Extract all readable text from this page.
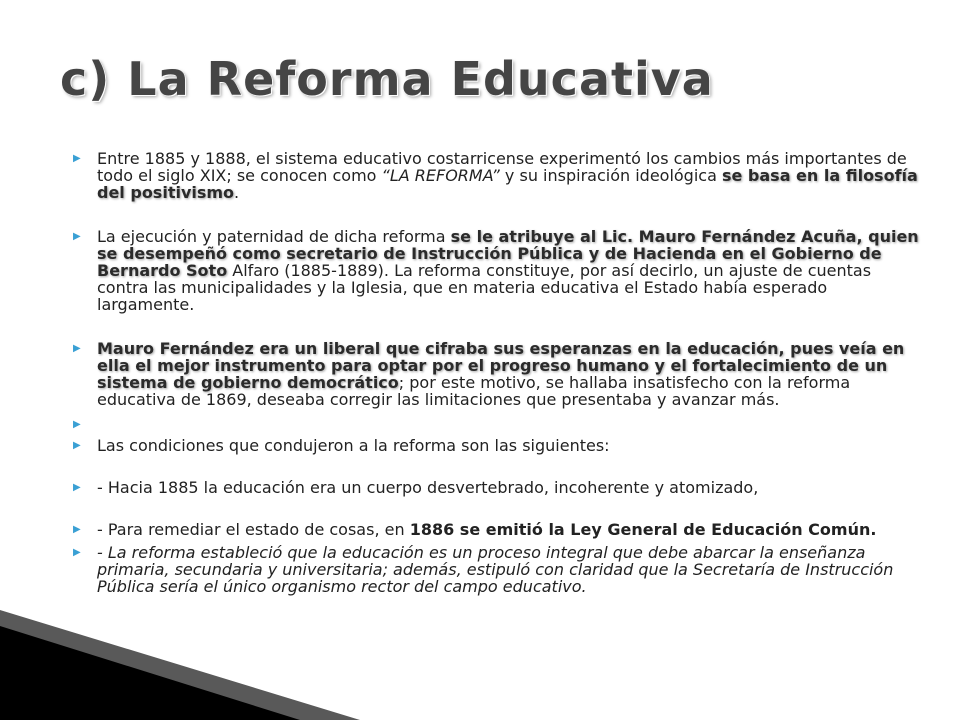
c) La Reforma Educativa
▶ Entre 1885 y 1888, el sistema educativo costarricense experimentó los cambios más importantes de todo el siglo XIX; se conocen como “LA REFORMA” y su inspiración ideológica se basa en la filosofía del positivismo.
▶ La ejecución y paternidad de dicha reforma se le atribuye al Lic. Mauro Fernández Acuña, quien se desempeñó como secretario de Instrucción Pública y de Hacienda en el Gobierno de Bernardo Soto Alfaro (1885-1889). La reforma constituye, por así decirlo, un ajuste de cuentas contra las municipalidades y la Iglesia, que en materia educativa el Estado había esperado largamente.
▶ Mauro Fernández era un liberal que cifraba sus esperanzas en la educación, pues veía en ella el mejor instrumento para optar por el progreso humano y el fortalecimiento de un sistema de gobierno democrático; por este motivo, se hallaba insatisfecho con la reforma educativa de 1869, deseaba corregir las limitaciones que presentaba y avanzar más.
▶
▶ Las condiciones que condujeron a la reforma son las siguientes:
▶ - Hacia 1885 la educación era un cuerpo desvertebrado, incoherente y atomizado,
▶ - Para remediar el estado de cosas, en 1886 se emitió la Ley General de Educación Común.
▶ - La reforma estableció que la educación es un proceso integral que debe abarcar la enseñanza primaria, secundaria y universitaria; además, estipuló con claridad que la Secretaría de Instrucción Pública sería el único organismo rector del campo educativo.
